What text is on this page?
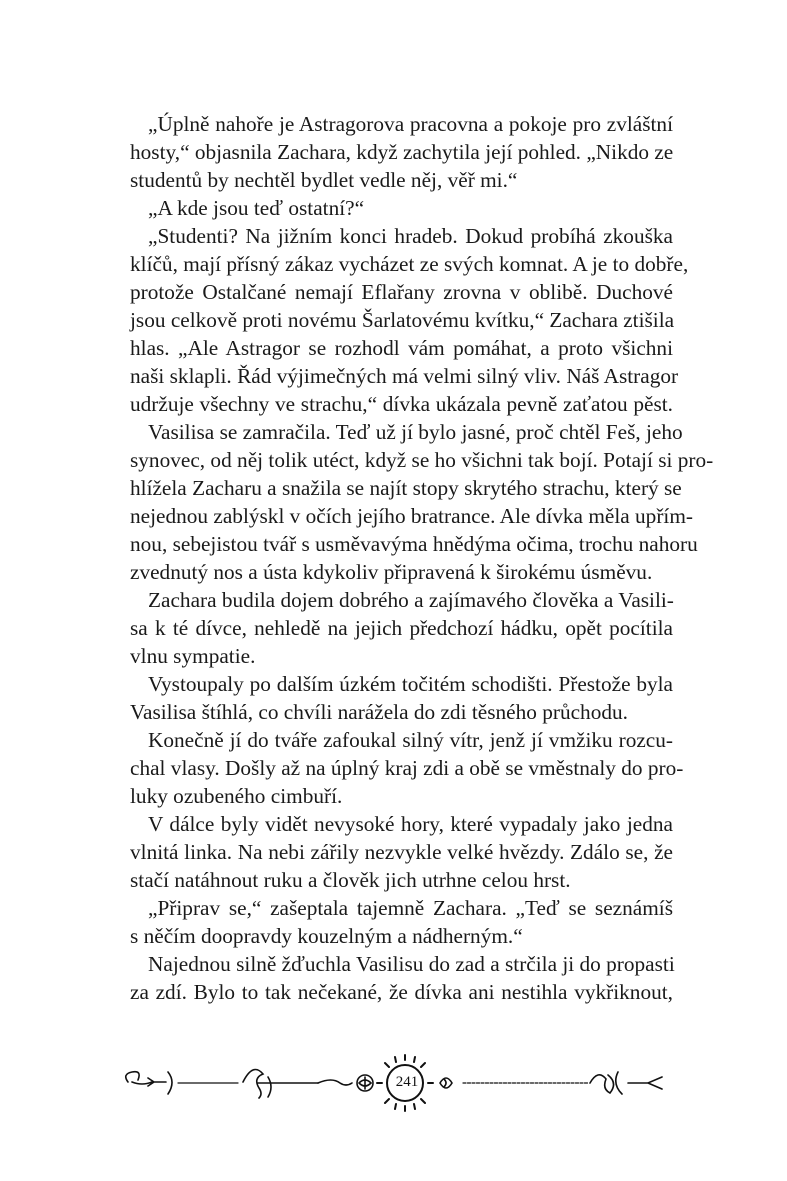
„Úplně nahoře je Astragorova pracovna a pokoje pro zvláštní
hosty,“ objasnila Zachara, když zachytila její pohled. „Nikdo ze
studentů by nechtěl bydlet vedle něj, věř mi.“
„A kde jsou teď ostatní?“
„Studenti? Na jižním konci hradeb. Dokud probíhá zkouška
klíčů, mají přísný zákaz vycházet ze svých komnat. A je to dobře,
protože Ostalčané nemají Eflařany zrovna v oblibě. Duchové
jsou celkově proti novému Šarlatovému kvítku,“ Zachara ztišila
hlas. „Ale Astragor se rozhodl vám pomáhat, a proto všichni
naši sklapli. Řád výjimečných má velmi silný vliv. Náš Astragor
udržuje všechny ve strachu,“ dívka ukázala pevně zaťatou pěst.
Vasilisa se zamračila. Teď už jí bylo jasné, proč chtěl Feš, jeho
synovec, od něj tolik utéct, když se ho všichni tak bojí. Potají si pro-
hlížela Zacharu a snažila se najít stopy skrytého strachu, který se
nejednou zablýskl v očích jejího bratrance. Ale dívka měla upřím-
nou, sebejistou tvář s usměvavýma hnědýma očima, trochu nahoru
zvednutý nos a ústa kdykoliv připravená k širokému úsměvu.
Zachara budila dojem dobrého a zajímavého člověka a Vasili-
sa k té dívce, nehledě na jejich předchozí hádku, opět pocítila
vlnu sympatie.
Vystoupaly po dalším úzkém točitém schodišti. Přestože byla
Vasilisa štíhlá, co chvíli narážela do zdi těsného průchodu.
Konečně jí do tváře zafoukal silný vítr, jenž jí vmžiku rozcu-
chal vlasy. Došly až na úplný kraj zdi a obě se vměstnaly do pro-
luky ozubeného cimbuří.
V dálce byly vidět nevysoké hory, které vypadaly jako jedna
vlnitá linka. Na nebi zářily nezvykle velké hvězdy. Zdálo se, že
stačí natáhnout ruku a člověk jich utrhne celou hrst.
„Připrav se,“ zašeptala tajemně Zachara. „Teď se seznámíš
s něčím doopravdy kouzelným a nádherným.“
Najednou silně žďuchla Vasilisu do zad a strčila ji do propasti
za zdí. Bylo to tak nečekané, že dívka ani nestihla vykřiknout,
241
